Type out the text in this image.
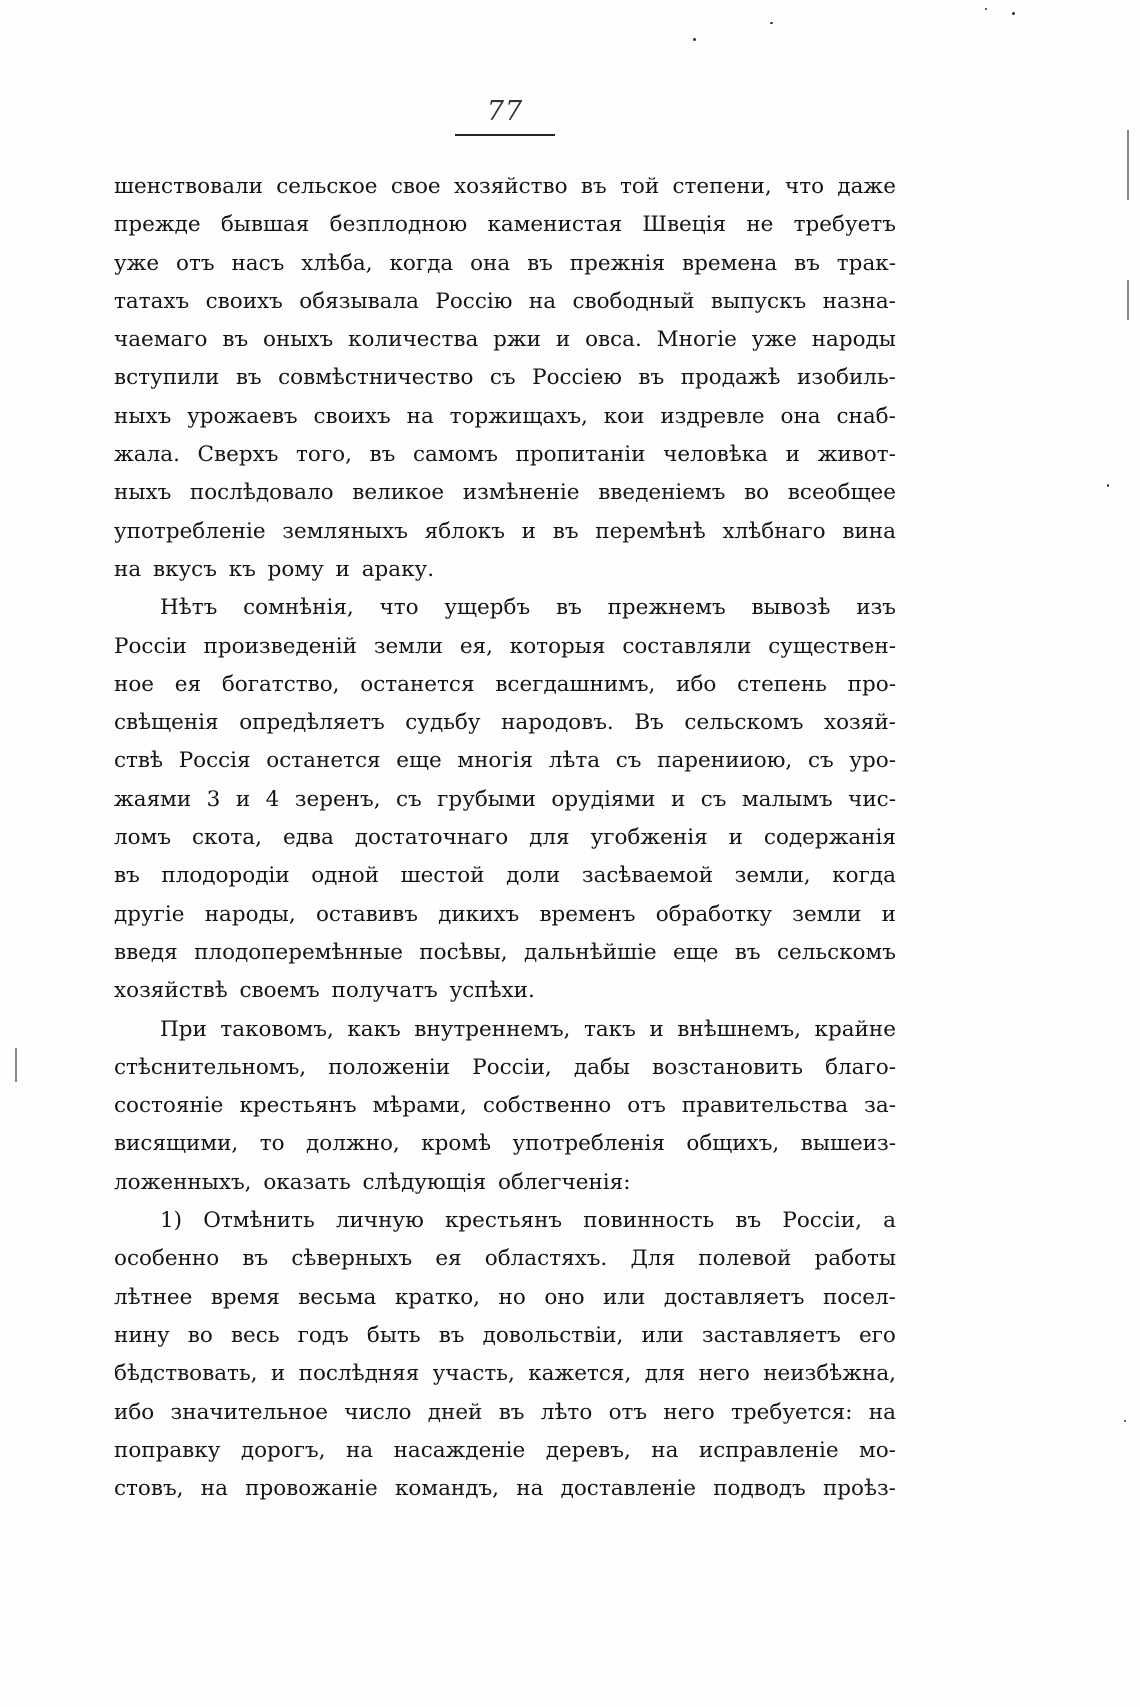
77
шенствовали сельское свое хозяйство въ той степени, что даже
прежде бывшая безплодною каменистая Швеція не требуетъ
уже отъ насъ хлѣба, когда она въ прежнія времена въ трак-
татахъ своихъ обязывала Россію на свободный выпускъ назна-
чаемаго въ оныхъ количества ржи и овса. Многіе уже народы
вступили въ совмѣстничество съ Россіею въ продажѣ изобиль-
ныхъ урожаевъ своихъ на торжищахъ, кои издревле она снаб-
жала. Сверхъ того, въ самомъ пропитаніи человѣка и живот-
ныхъ послѣдовало великое измѣненіе введеніемъ во всеобщее
употребленіе земляныхъ яблокъ и въ перемѣнѣ хлѣбнаго вина
на вкусъ къ рому и араку.
Нѣтъ сомнѣнія, что ущербъ въ прежнемъ вывозѣ изъ
Россіи произведеній земли ея, которыя составляли существен-
ное ея богатство, останется всегдашнимъ, ибо степень про-
свѣщенія опредѣляетъ судьбу народовъ. Въ сельскомъ хозяй-
ствѣ Россія останется еще многія лѣта съ паренииою, съ уро-
жаями 3 и 4 зеренъ, съ грубыми орудіями и съ малымъ чис-
ломъ скота, едва достаточнаго для угобженія и содержанія
въ плодородіи одной шестой доли засѣваемой земли, когда
другіе народы, оставивъ дикихъ временъ обработку земли и
введя плодоперемѣнные посѣвы, дальнѣйшіе еще въ сельскомъ
хозяйствѣ своемъ получатъ успѣхи.
При таковомъ, какъ внутреннемъ, такъ и внѣшнемъ, крайне
стѣснительномъ, положеніи Россіи, дабы возстановить благо-
состояніе крестьянъ мѣрами, собственно отъ правительства за-
висящими, то должно, кромѣ употребленія общихъ, вышеиз-
ложенныхъ, оказать слѣдующія облегченія:
1) Отмѣнить личную крестьянъ повинность въ Россіи, а
особенно въ сѣверныхъ ея областяхъ. Для полевой работы
лѣтнее время весьма кратко, но оно или доставляетъ посел-
нину во весь годъ быть въ довольствіи, или заставляетъ его
бѣдствовать, и послѣдняя участь, кажется, для него неизбѣжна,
ибо значительное число дней въ лѣто отъ него требуется: на
поправку дорогъ, на насажденіе деревъ, на исправленіе мо-
стовъ, на провожаніе командъ, на доставленіе подводъ проѣз-
